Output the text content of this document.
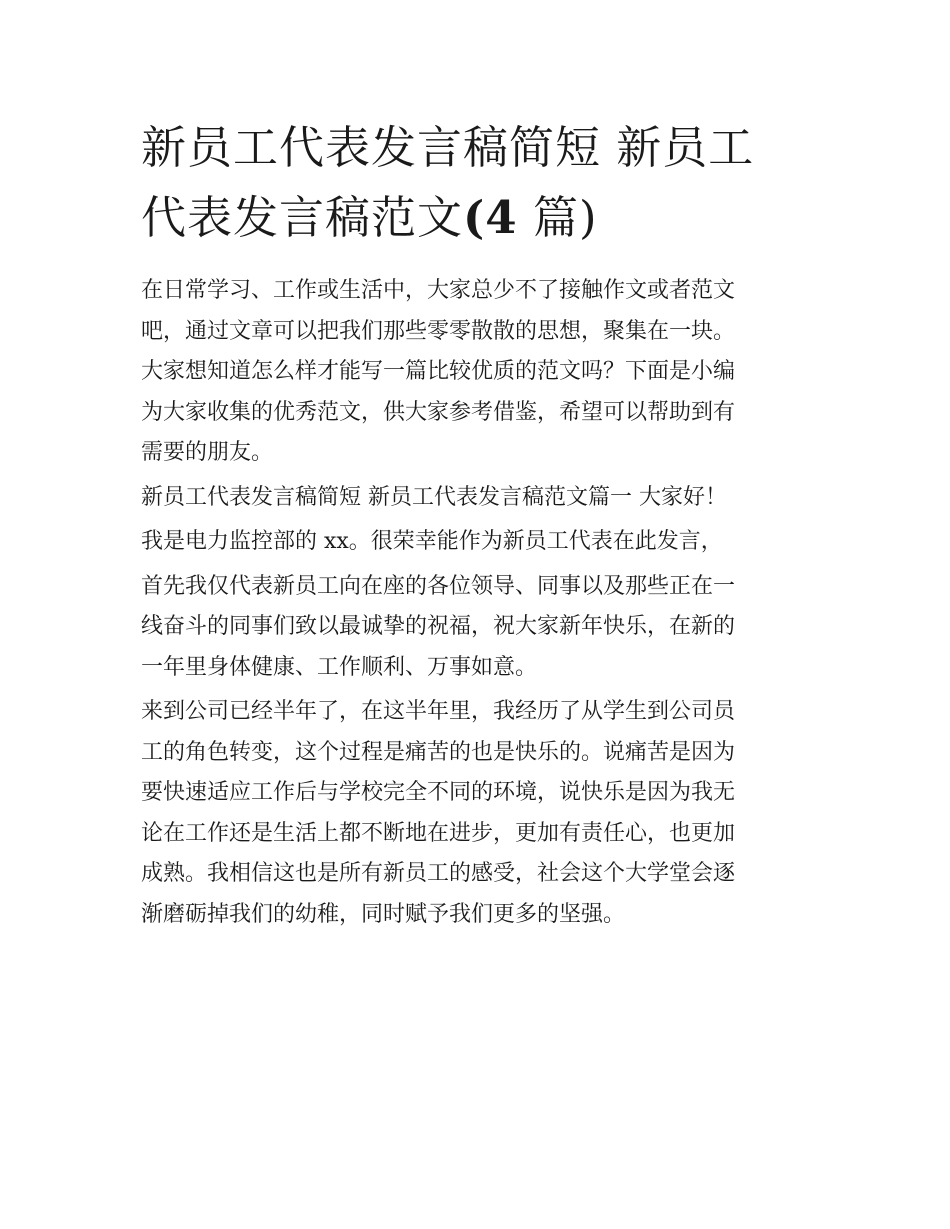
新员工代表发言稿简短 新员工
代表发言稿范文(4 篇)

在日常学习、工作或生活中，大家总少不了接触作文或者范文
吧，通过文章可以把我们那些零零散散的思想，聚集在一块。
大家想知道怎么样才能写一篇比较优质的范文吗？下面是小编
为大家收集的优秀范文，供大家参考借鉴，希望可以帮助到有
需要的朋友。

新员工代表发言稿简短 新员工代表发言稿范文篇一 大家好！

我是电力监控部的 xx。很荣幸能作为新员工代表在此发言，

首先我仅代表新员工向在座的各位领导、同事以及那些正在一
线奋斗的同事们致以最诚挚的祝福，祝大家新年快乐，在新的
一年里身体健康、工作顺利、万事如意。

来到公司已经半年了，在这半年里，我经历了从学生到公司员
工的角色转变，这个过程是痛苦的也是快乐的。说痛苦是因为
要快速适应工作后与学校完全不同的环境，说快乐是因为我无
论在工作还是生活上都不断地在进步，更加有责任心，也更加
成熟。我相信这也是所有新员工的感受，社会这个大学堂会逐
渐磨砺掉我们的幼稚，同时赋予我们更多的坚强。
